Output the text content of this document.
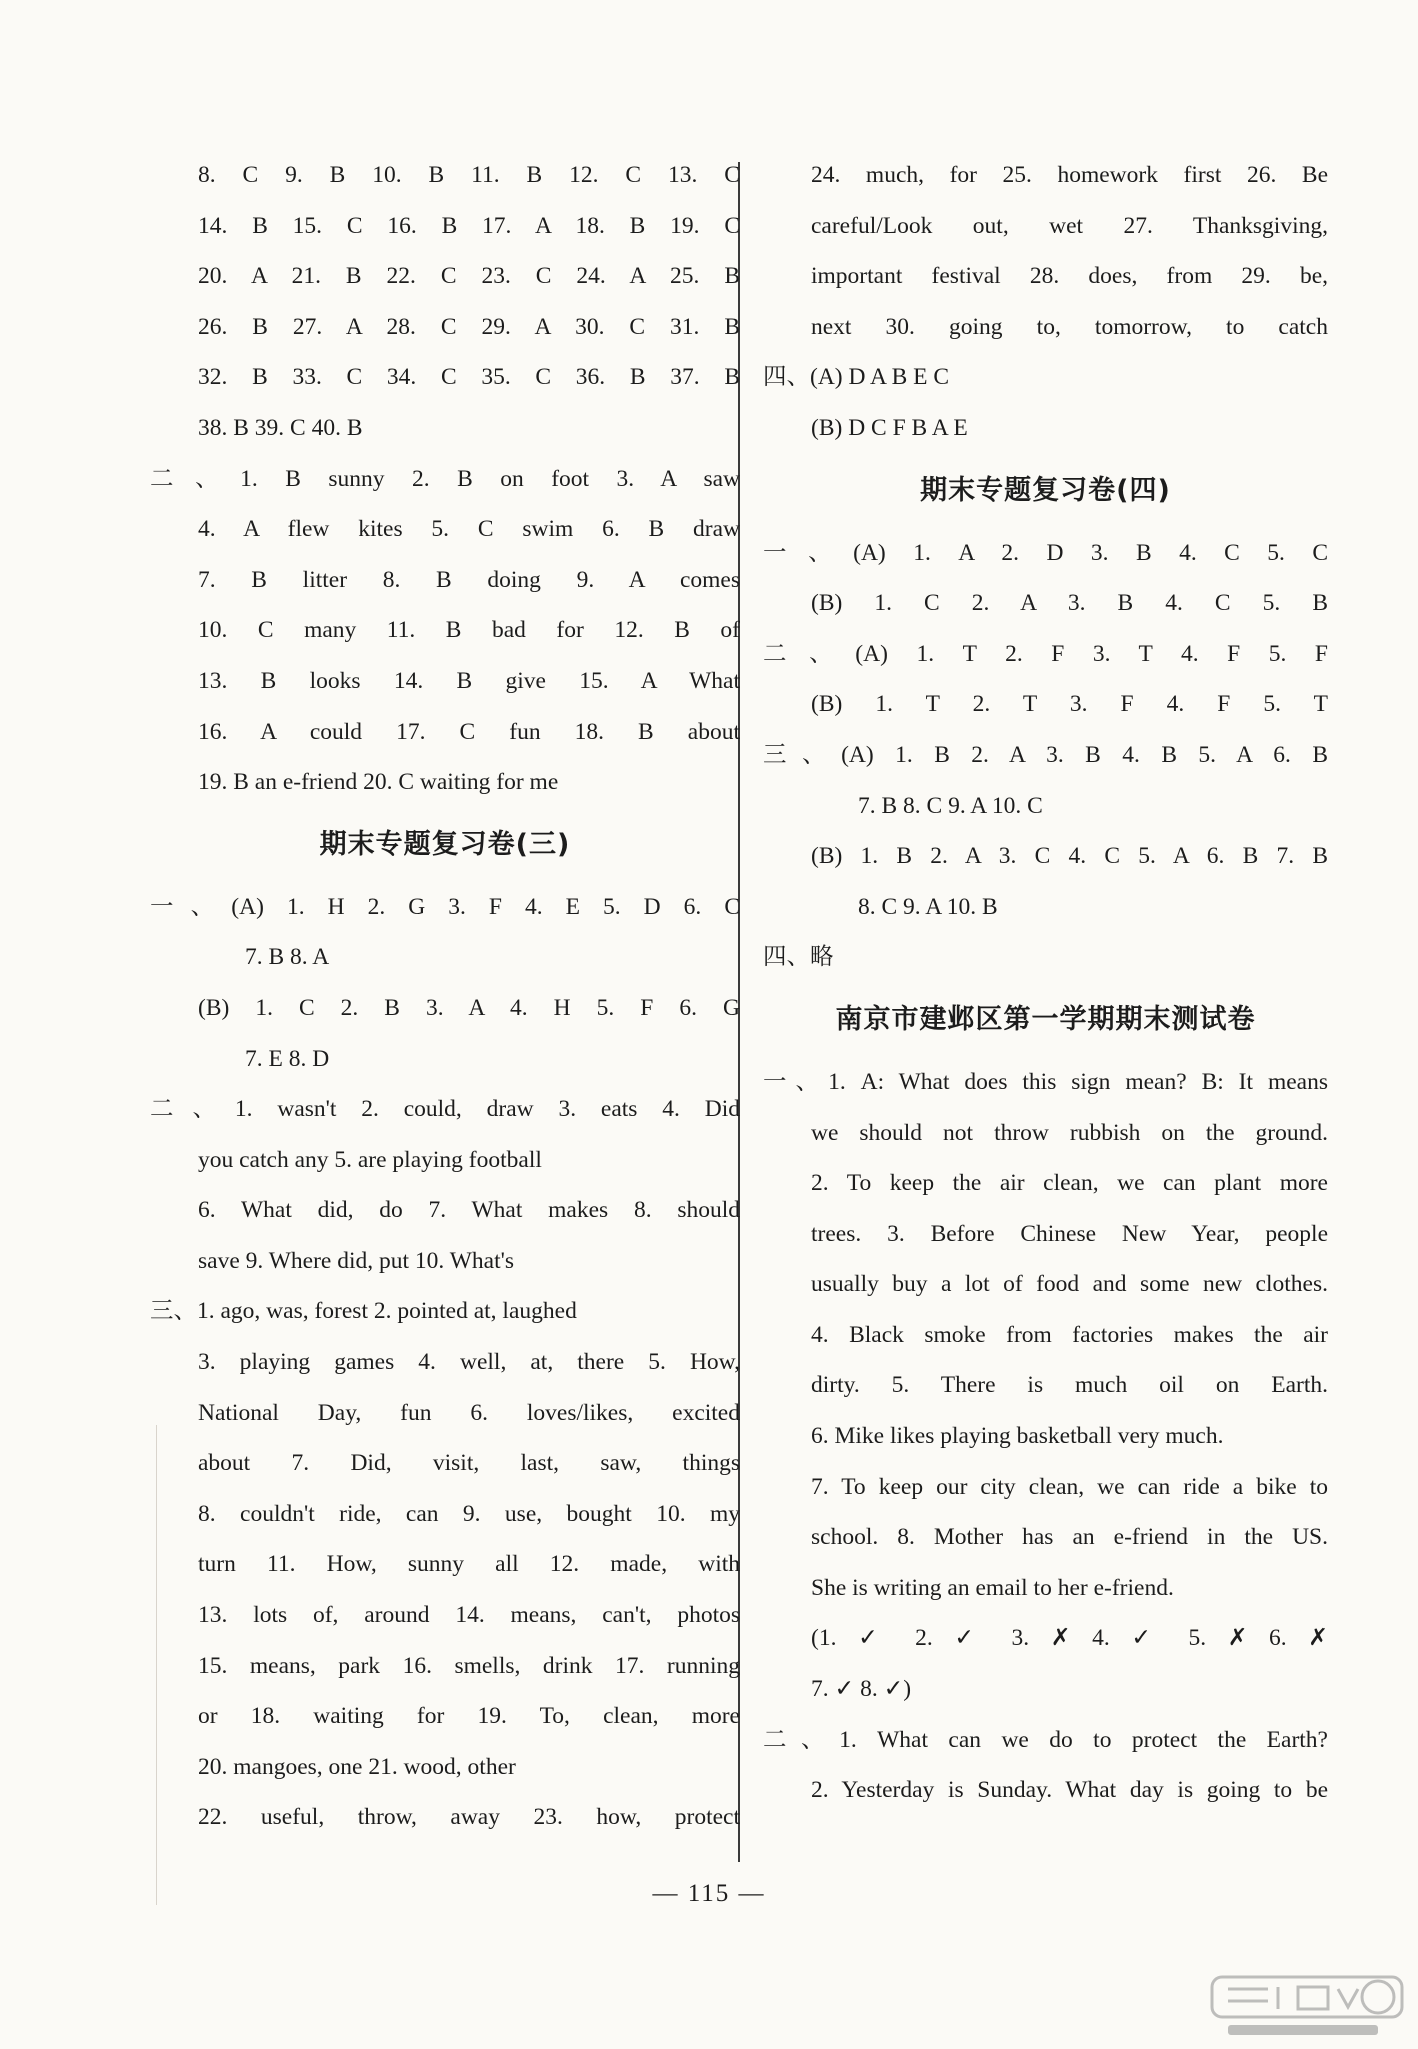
8. C 9. B 10. B 11. B 12. C 13. C
14. B 15. C 16. B 17. A 18. B 19. C
20. A 21. B 22. C 23. C 24. A 25. B
26. B 27. A 28. C 29. A 30. C 31. B
32. B 33. C 34. C 35. C 36. B 37. B
38. B 39. C 40. B
二、1. B sunny 2. B on foot 3. A saw
4. A flew kites 5. C swim 6. B draw
7. B litter 8. B doing 9. A comes
10. C many 11. B bad for 12. B of
13. B looks 14. B give 15. A What
16. A could 17. C fun 18. B about
19. B an e-friend 20. C waiting for me
期末专题复习卷(三)
一、(A) 1. H 2. G 3. F 4. E 5. D 6. C
7. B 8. A
(B) 1. C 2. B 3. A 4. H 5. F 6. G
7. E 8. D
二、1. wasn't 2. could, draw 3. eats 4. Did
you catch any 5. are playing football
6. What did, do 7. What makes 8. should
save 9. Where did, put 10. What's
三、1. ago, was, forest 2. pointed at, laughed
3. playing games 4. well, at, there 5. How,
National Day, fun 6. loves/likes, excited
about 7. Did, visit, last, saw, things
8. couldn't ride, can 9. use, bought 10. my
turn 11. How, sunny all 12. made, with
13. lots of, around 14. means, can't, photos
15. means, park 16. smells, drink 17. running
or 18. waiting for 19. To, clean, more
20. mangoes, one 21. wood, other
22. useful, throw, away 23. how, protect
24. much, for 25. homework first 26. Be
careful/Look out, wet 27. Thanksgiving,
important festival 28. does, from 29. be,
next 30. going to, tomorrow, to catch
四、(A) D A B E C
(B) D C F B A E
期末专题复习卷(四)
一、(A) 1. A 2. D 3. B 4. C 5. C
(B) 1. C 2. A 3. B 4. C 5. B
二、(A) 1. T 2. F 3. T 4. F 5. F
(B) 1. T 2. T 3. F 4. F 5. T
三、(A) 1. B 2. A 3. B 4. B 5. A 6. B
7. B 8. C 9. A 10. C
(B) 1. B 2. A 3. C 4. C 5. A 6. B 7. B
8. C 9. A 10. B
四、略
南京市建邺区第一学期期末测试卷
一、1. A: What does this sign mean? B: It means
we should not throw rubbish on the ground.
2. To keep the air clean, we can plant more
trees. 3. Before Chinese New Year, people
usually buy a lot of food and some new clothes.
4. Black smoke from factories makes the air
dirty. 5. There is much oil on Earth.
6. Mike likes playing basketball very much.
7. To keep our city clean, we can ride a bike to
school. 8. Mother has an e-friend in the US.
She is writing an email to her e-friend.
(1. ✓ 2. ✓ 3. ✗ 4. ✓ 5. ✗ 6. ✗
7. ✓ 8. ✓)
二、1. What can we do to protect the Earth?
2. Yesterday is Sunday. What day is going to be
— 115 —
